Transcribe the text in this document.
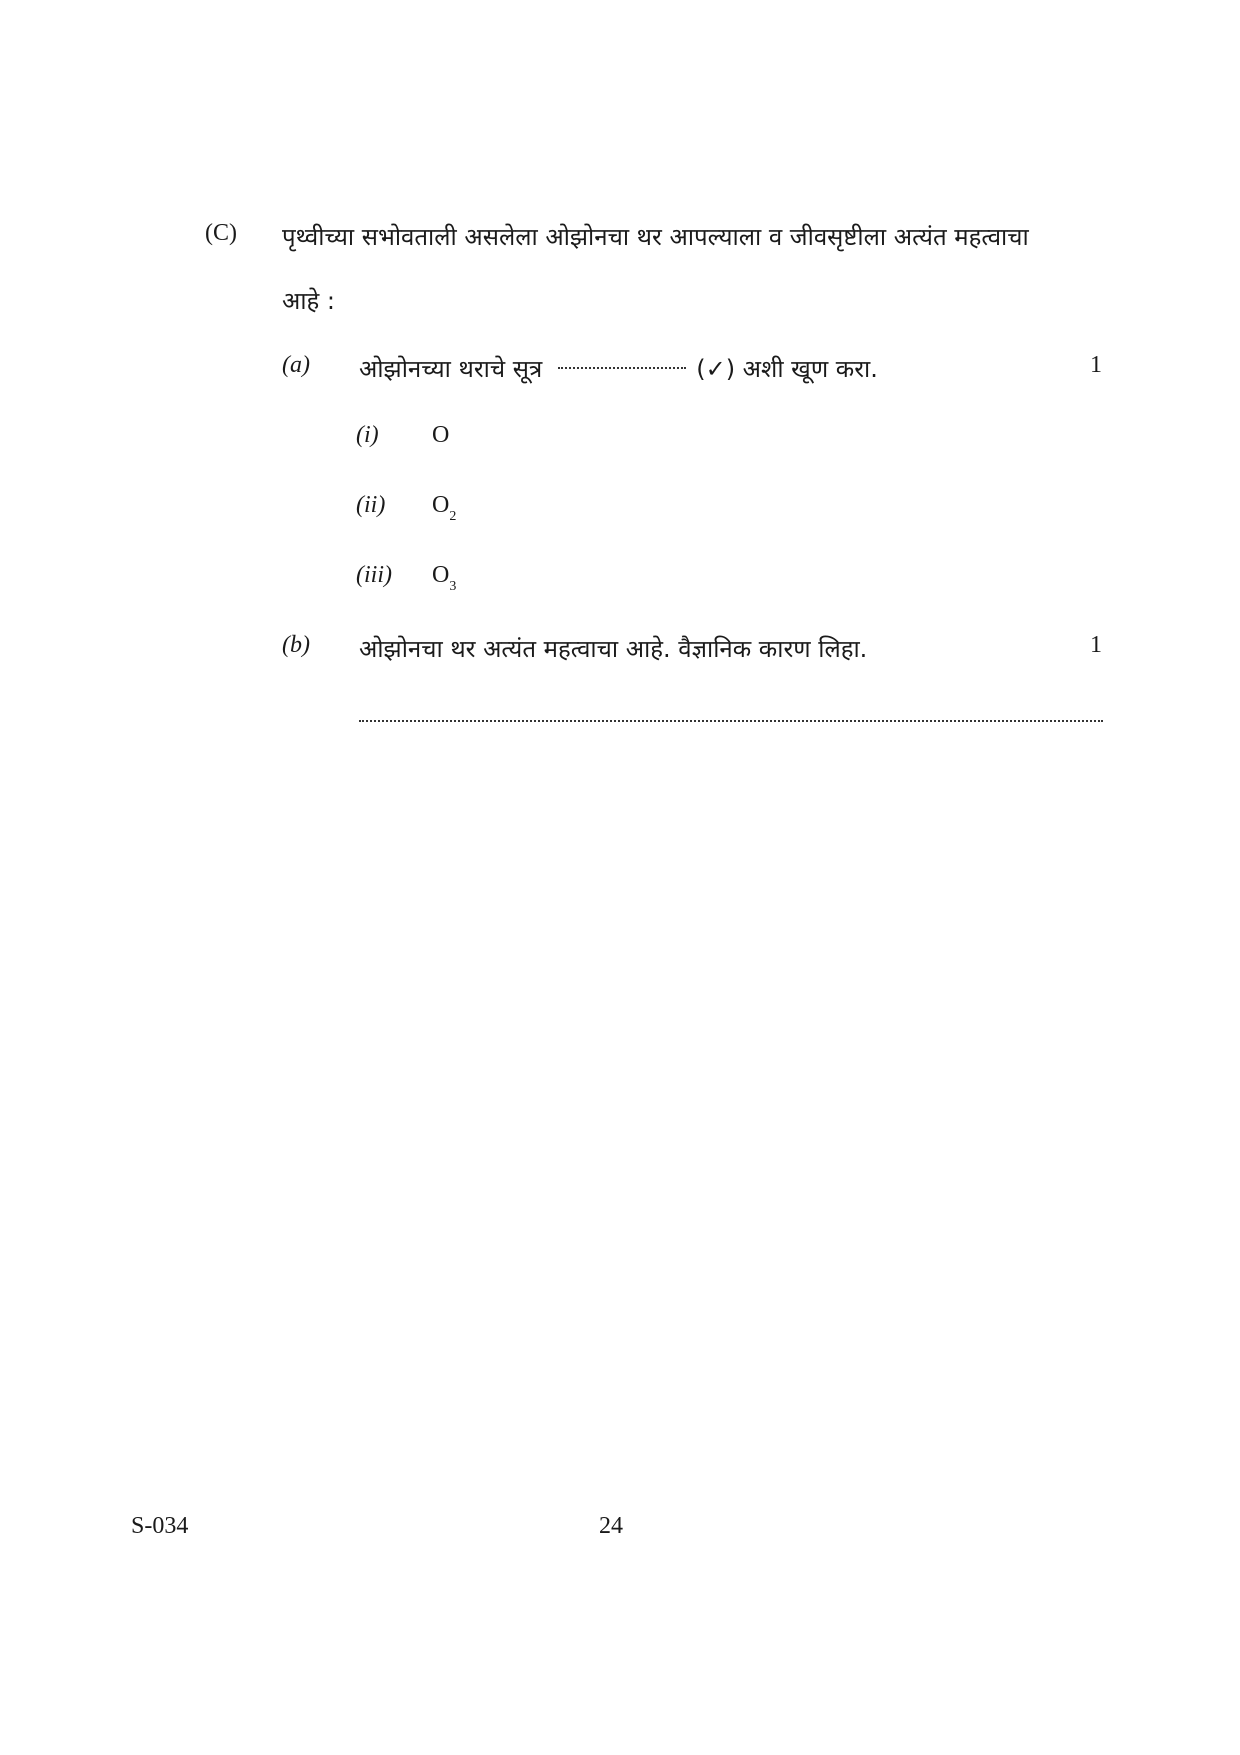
(C) पृथ्वीच्या सभोवताली असलेला ओझोनचा थर आपल्याला व जीवसृष्टीला अत्यंत महत्वाचा
आहे :
(a) ओझोनच्या थराचे सूत्र	(✓) अशी खूण करा.	1
(i) O
(ii) $O_2$
(iii) $O_3$
(b) ओझोनचा थर अत्यंत महत्वाचा आहे. वैज्ञानिक कारण लिहा.	1
S-034	24
